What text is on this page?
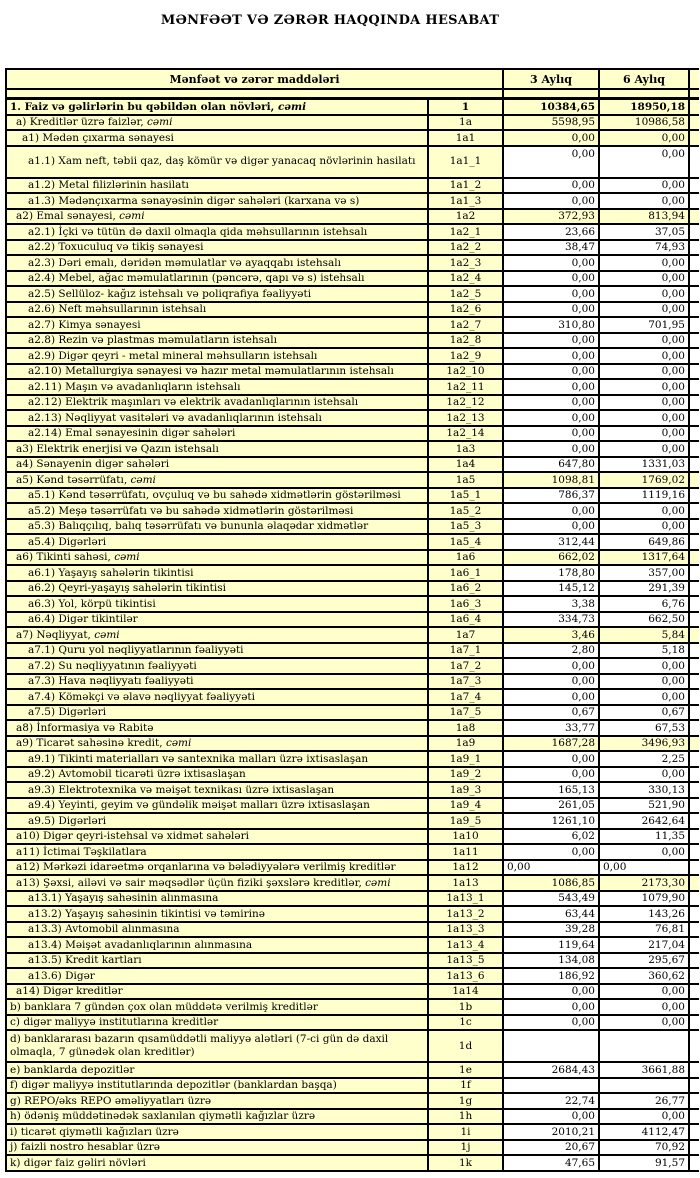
MƏNFƏƏT VƏ ZƏRƏR HAQQINDA HESABAT
Mənfəət və zərər maddələri		3 Aylıq	6 Aylıq	

1. Faiz və gəlirlərin bu qəbildən olan növləri, cəmi	1	10384,65	18950,18	
a) Kreditlər üzrə faizlər, cəmi	1a	5598,95	10986,58	
a1) Mədən çıxarma sənayesi	1a1	0,00	0,00	
a1.1) Xam neft, təbii qaz, daş kömür və digər yanacaq növlərinin hasilatı	1a1_1	0,00	0,00	
a1.2) Metal filizlərinin hasilatı	1a1_2	0,00	0,00	
a1.3) Mədənçıxarma sənayəsinin digər sahələri (karxana və s)	1a1_3	0,00	0,00	
a2) Emal sənayesi, cəmi	1a2	372,93	813,94	
a2.1) İçki və tütün də daxil olmaqla qida məhsullarının istehsalı	1a2_1	23,66	37,05	
a2.2) Toxuculuq və tikiş sənayesi	1a2_2	38,47	74,93	
a2.3) Dəri emalı, dəridən məmulatlar və ayaqqabı istehsalı	1a2_3	0,00	0,00	
a2.4) Mebel, ağac məmulatlarının (pəncərə, qapı və s) istehsalı	1a2_4	0,00	0,00	
a2.5) Sellüloz- kağız istehsalı və poliqrafiya fəaliyyəti	1a2_5	0,00	0,00	
a2.6) Neft məhsullarının istehsalı	1a2_6	0,00	0,00	
a2.7) Kimya sənayesi	1a2_7	310,80	701,95	
a2.8) Rezin və plastmas məmulatların istehsalı	1a2_8	0,00	0,00	
a2.9) Digər qeyri - metal mineral məhsulların istehsalı	1a2_9	0,00	0,00	
a2.10) Metallurgiya sənayesi və hazır metal məmulatlarının istehsalı	1a2_10	0,00	0,00	
a2.11) Maşın və avadanlıqların istehsalı	1a2_11	0,00	0,00	
a2.12) Elektrik maşınları və elektrik avadanlıqlarının istehsalı	1a2_12	0,00	0,00	
a2.13) Nəqliyyat vasitələri və avadanlıqlarının istehsalı	1a2_13	0,00	0,00	
a2.14) Emal sənayesinin digər sahələri	1a2_14	0,00	0,00	
a3) Elektrik enerjisi və Qazın istehsalı	1a3	0,00	0,00	
a4) Sənayenin digər sahələri	1a4	647,80	1331,03	
a5) Kənd təsərrüfatı, cəmi	1a5	1098,81	1769,02	
a5.1) Kənd təsərrüfatı, ovçuluq və bu sahədə xidmətlərin göstərilməsi	1a5_1	786,37	1119,16	
a5.2) Meşə təsərrüfatı və bu sahədə xidmətlərin göstərilməsi	1a5_2	0,00	0,00	
a5.3) Balıqçılıq, balıq təsərrüfatı və bununla əlaqədar xidmətlər	1a5_3	0,00	0,00	
a5.4) Digərləri	1a5_4	312,44	649,86	
a6) Tikinti sahəsi, cəmi	1a6	662,02	1317,64	
a6.1) Yaşayış sahələrin tikintisi	1a6_1	178,80	357,00	
a6.2) Qeyri-yaşayış sahələrin tikintisi	1a6_2	145,12	291,39	
a6.3) Yol, körpü tikintisi	1a6_3	3,38	6,76	
a6.4) Digər tikintilər	1a6_4	334,73	662,50	
a7) Nəqliyyat, cəmi	1a7	3,46	5,84	
a7.1) Quru yol nəqliyyatlarının fəaliyyəti	1a7_1	2,80	5,18	
a7.2) Su nəqliyyatının fəaliyyəti	1a7_2	0,00	0,00	
a7.3) Hava nəqliyyatı fəaliyyəti	1a7_3	0,00	0,00	
a7.4) Köməkçi və əlavə nəqliyyat fəaliyyəti	1a7_4	0,00	0,00	
a7.5) Digərləri	1a7_5	0,67	0,67	
a8) İnformasiya və Rabitə	1a8	33,77	67,53	
a9) Ticarət sahəsinə kredit, cəmi	1a9	1687,28	3496,93	
a9.1) Tikinti materialları və santexnika malları üzrə ixtisaslaşan	1a9_1	0,00	2,25	
a9.2) Avtomobil ticarəti üzrə ixtisaslaşan	1a9_2	0,00	0,00	
a9.3) Elektrotexnika və məişət texnikası üzrə ixtisaslaşan	1a9_3	165,13	330,13	
a9.4) Yeyinti, geyim və gündəlik məişət malları üzrə ixtisaslaşan	1a9_4	261,05	521,90	
a9.5) Digərləri	1a9_5	1261,10	2642,64	
a10) Digər qeyri-istehsal və xidmət sahələri	1a10	6,02	11,35	
a11) İctimai Təşkilatlara	1a11	0,00	0,00	
a12) Mərkəzi idarəetmə orqanlarına və bələdiyyələrə verilmiş kreditlər	1a12	0,00	0,00	
a13) Şəxsi, ailəvi və sair məqsədlər üçün fiziki şəxslərə kreditlər, cəmi	1a13	1086,85	2173,30	
a13.1) Yaşayış sahəsinin alınmasına	1a13_1	543,49	1079,90	
a13.2) Yaşayış sahəsinin tikintisi və təmirinə	1a13_2	63,44	143,26	
a13.3) Avtomobil alınmasına	1a13_3	39,28	76,81	
a13.4) Məişət avadanlıqlarının alınmasına	1a13_4	119,64	217,04	
a13.5) Kredit kartları	1a13_5	134,08	295,67	
a13.6) Digər	1a13_6	186,92	360,62	
a14) Digər kreditlər	1a14	0,00	0,00	
b) banklara 7 gündən çox olan müddətə verilmiş kreditlər	1b	0,00	0,00	
c) digər maliyyə institutlarına kreditlər	1c	0,00	0,00	
d) banklararası bazarın qısamüddətli maliyyə alətləri (7-ci gün də daxil olmaqla, 7 günədək olan kreditlər)	1d			
e) banklarda depozitlər	1e	2684,43	3661,88	
f) digər maliyyə institutlarında depozitlər (banklardan başqa)	1f			
g) REPO/əks REPO əməliyyatları üzrə	1g	22,74	26,77	
h) ödəniş müddətinədək saxlanılan qiymətli kağızlar üzrə	1h	0,00	0,00	
i) ticarət qiymətli kağızları üzrə	1i	2010,21	4112,47	
j) faizli nostro hesablar üzrə	1j	20,67	70,92	
k) digər faiz gəliri növləri	1k	47,65	91,57	
